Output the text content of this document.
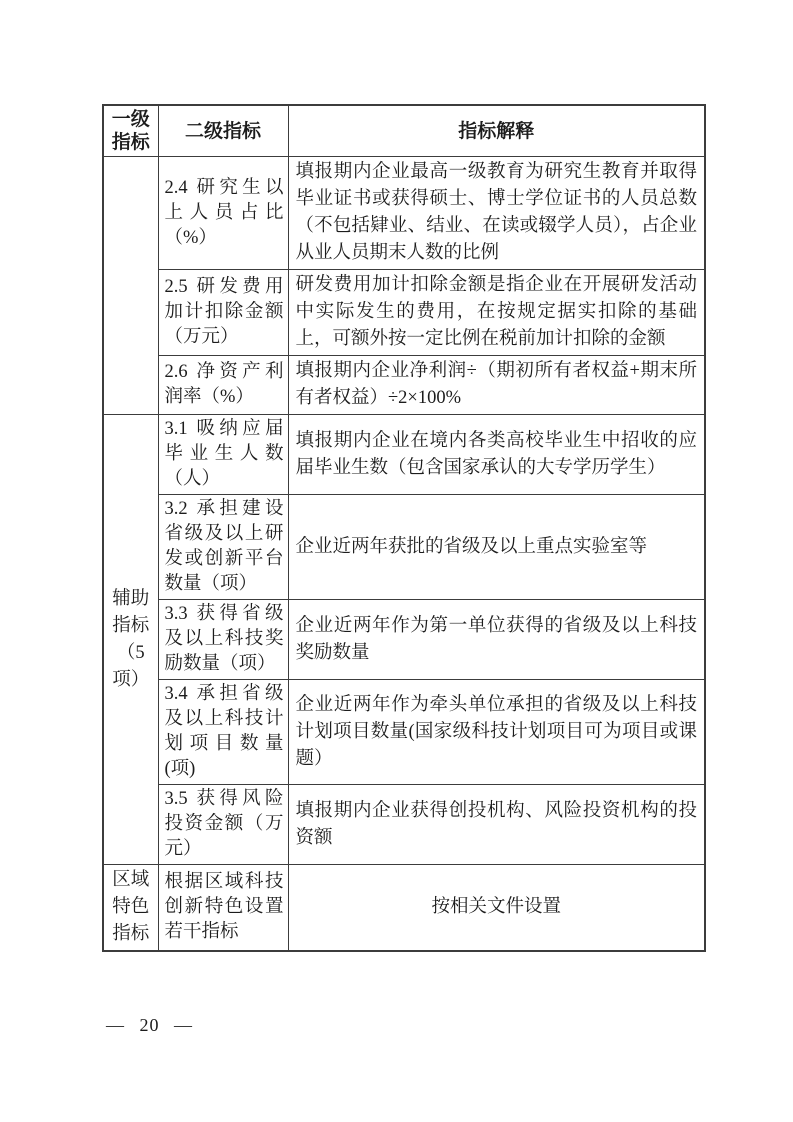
一级指标	二级指标	指标解释
	2.4 研究生以上人员占比（%）	填报期内企业最高一级教育为研究生教育并取得毕业证书或获得硕士、博士学位证书的人员总数（不包括肄业、结业、在读或辍学人员），占企业从业人员期末人数的比例
	2.5 研发费用加计扣除金额（万元）	研发费用加计扣除金额是指企业在开展研发活动中实际发生的费用，在按规定据实扣除的基础上，可额外按一定比例在税前加计扣除的金额
	2.6 净资产利润率（%）	填报期内企业净利润÷（期初所有者权益+期末所有者权益）÷2×100%
辅助指标（5项）	3.1 吸纳应届毕业生人数（人）	填报期内企业在境内各类高校毕业生中招收的应届毕业生数（包含国家承认的大专学历学生）
	3.2 承担建设省级及以上研发或创新平台数量（项）	企业近两年获批的省级及以上重点实验室等
	3.3 获得省级及以上科技奖励数量（项）	企业近两年作为第一单位获得的省级及以上科技奖励数量
	3.4 承担省级及以上科技计划项目数量(项)	企业近两年作为牵头单位承担的省级及以上科技计划项目数量(国家级科技计划项目可为项目或课题）
	3.5 获得风险投资金额（万元）	填报期内企业获得创投机构、风险投资机构的投资额
区域特色指标	根据区域科技创新特色设置若干指标	按相关文件设置
— 20 —
